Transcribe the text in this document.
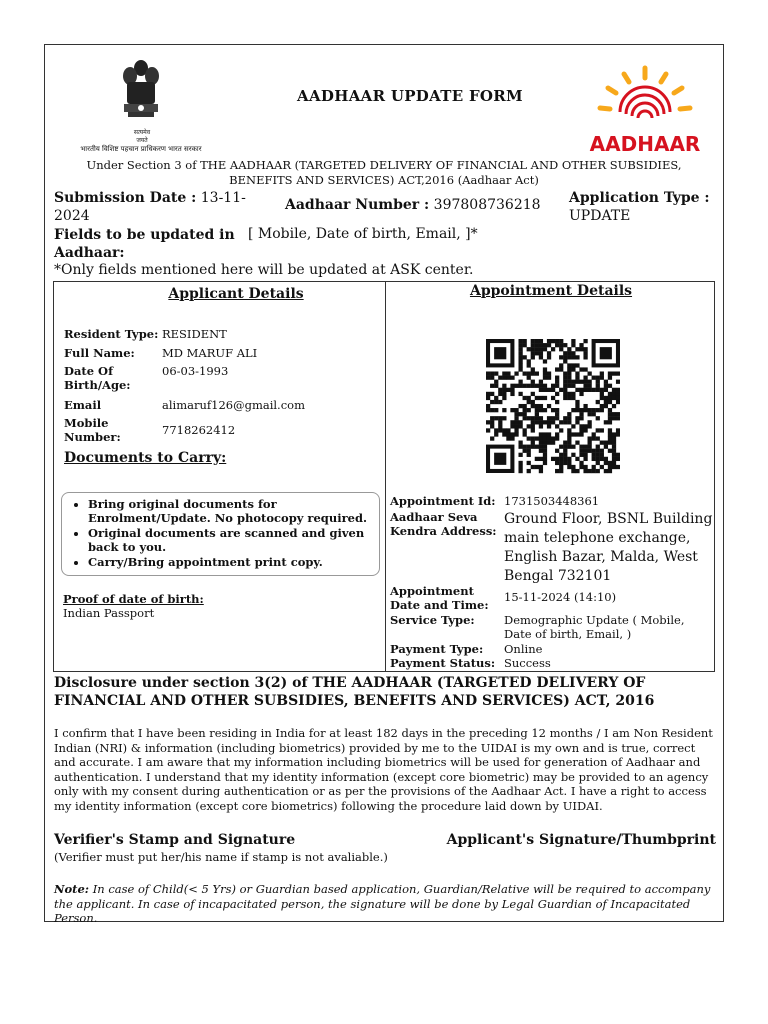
सत्यमेव जयते
भारतीय विशिष्ट पहचान प्राधिकरण भारत सरकार
AADHAAR UPDATE FORM
AADHAAR
Under Section 3 of THE AADHAAR (TARGETED DELIVERY OF FINANCIAL AND OTHER SUBSIDIES, BENEFITS AND SERVICES) ACT,2016 (Aadhaar Act)
Submission Date : 13-11-2024
Aadhaar Number : 397808736218	Application Type :
UPDATE
Fields to be updated in Aadhaar:
[ Mobile, Date of birth, Email, ]*
*Only fields mentioned here will be updated at ASK center.
Applicant Details	Appointment Details
Resident Type: RESIDENT
Full Name:	MD MARUF ALI
Date Of Birth/Age:
06-03-1993
Email	alimaruf126@gmail.com
Mobile Number:	7718262412
Documents to Carry:
• Bring original documents for Enrolment/Update. No photocopy required.
• Original documents are scanned and given back to you.
• Carry/Bring appointment print copy.
Proof of date of birth:
Indian Passport
Appointment Id: 1731503448361
Aadhaar Seva Kendra Address:
Ground Floor, BSNL Building main telephone exchange, English Bazar, Malda, West Bengal 732101
Appointment Date and Time:
15-11-2024 (14:10)
Service Type:	Demographic Update ( Mobile, Date of birth, Email, )
Payment Type:	Online
Payment Status: Success
Disclosure under section 3(2) of THE AADHAAR (TARGETED DELIVERY OF FINANCIAL AND OTHER SUBSIDIES, BENEFITS AND SERVICES) ACT, 2016
I confirm that I have been residing in India for at least 182 days in the preceding 12 months / I am Non Resident Indian (NRI) & information (including biometrics) provided by me to the UIDAI is my own and is true, correct and accurate. I am aware that my information including biometrics will be used for generation of Aadhaar and authentication. I understand that my identity information (except core biometric) may be provided to an agency only with my consent during authentication or as per the provisions of the Aadhaar Act. I have a right to access my identity information (except core biometrics) following the procedure laid down by UIDAI.
Verifier's Stamp and Signature	Applicant's Signature/Thumbprint
(Verifier must put her/his name if stamp is not avaliable.)
Note: In case of Child(< 5 Yrs) or Guardian based application, Guardian/Relative will be required to accompany the applicant. In case of incapacitated person, the signature will be done by Legal Guardian of Incapacitated Person.
